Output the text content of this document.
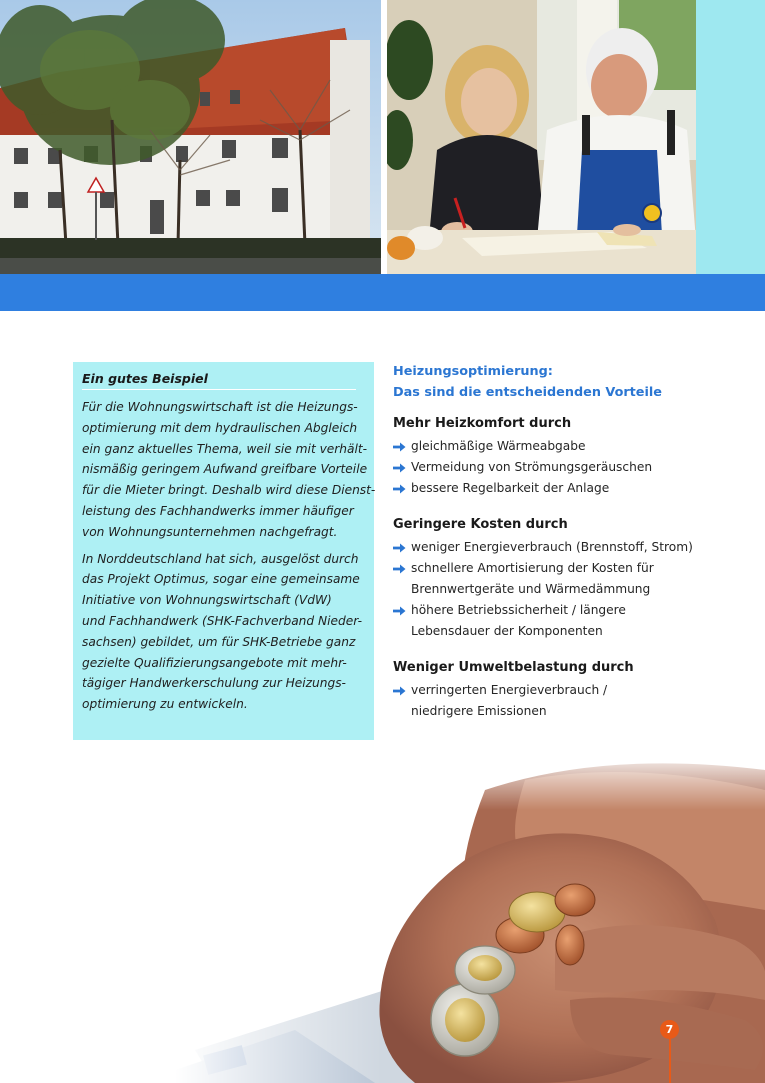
Ein gutes Beispiel

Für die Wohnungswirtschaft ist die Heizungs-
optimierung mit dem hydraulischen Abgleich
ein ganz aktuelles Thema, weil sie mit verhält-
nismäßig geringem Aufwand greifbare Vorteile
für die Mieter bringt. Deshalb wird diese Dienst-
leistung des Fachhandwerks immer häufiger
von Wohnungsunternehmen nachgefragt.

In Norddeutschland hat sich, ausgelöst durch
das Projekt Optimus, sogar eine gemeinsame
Initiative von Wohnungswirtschaft (VdW)
und Fachhandwerk (SHK-Fachverband Nieder-
sachsen) gebildet, um für SHK-Betriebe ganz
gezielte Qualifizierungsangebote mit mehr-
tägiger Handwerkerschulung zur Heizungs-
optimierung zu entwickeln.

Heizungsoptimierung:
Das sind die entscheidenden Vorteile
Mehr Heizkomfort durch
gleichmäßige Wärmeabgabe
Vermeidung von Strömungsgeräuschen
bessere Regelbarkeit der Anlage
Geringere Kosten durch
weniger Energieverbrauch (Brennstoff, Strom)
schnellere Amortisierung der Kosten für
Brennwertgeräte und Wärmedämmung
höhere Betriebssicherheit / längere
Lebensdauer der Komponenten
Weniger Umweltbelastung durch
verringerten Energieverbrauch /
niedrigere Emissionen
7
